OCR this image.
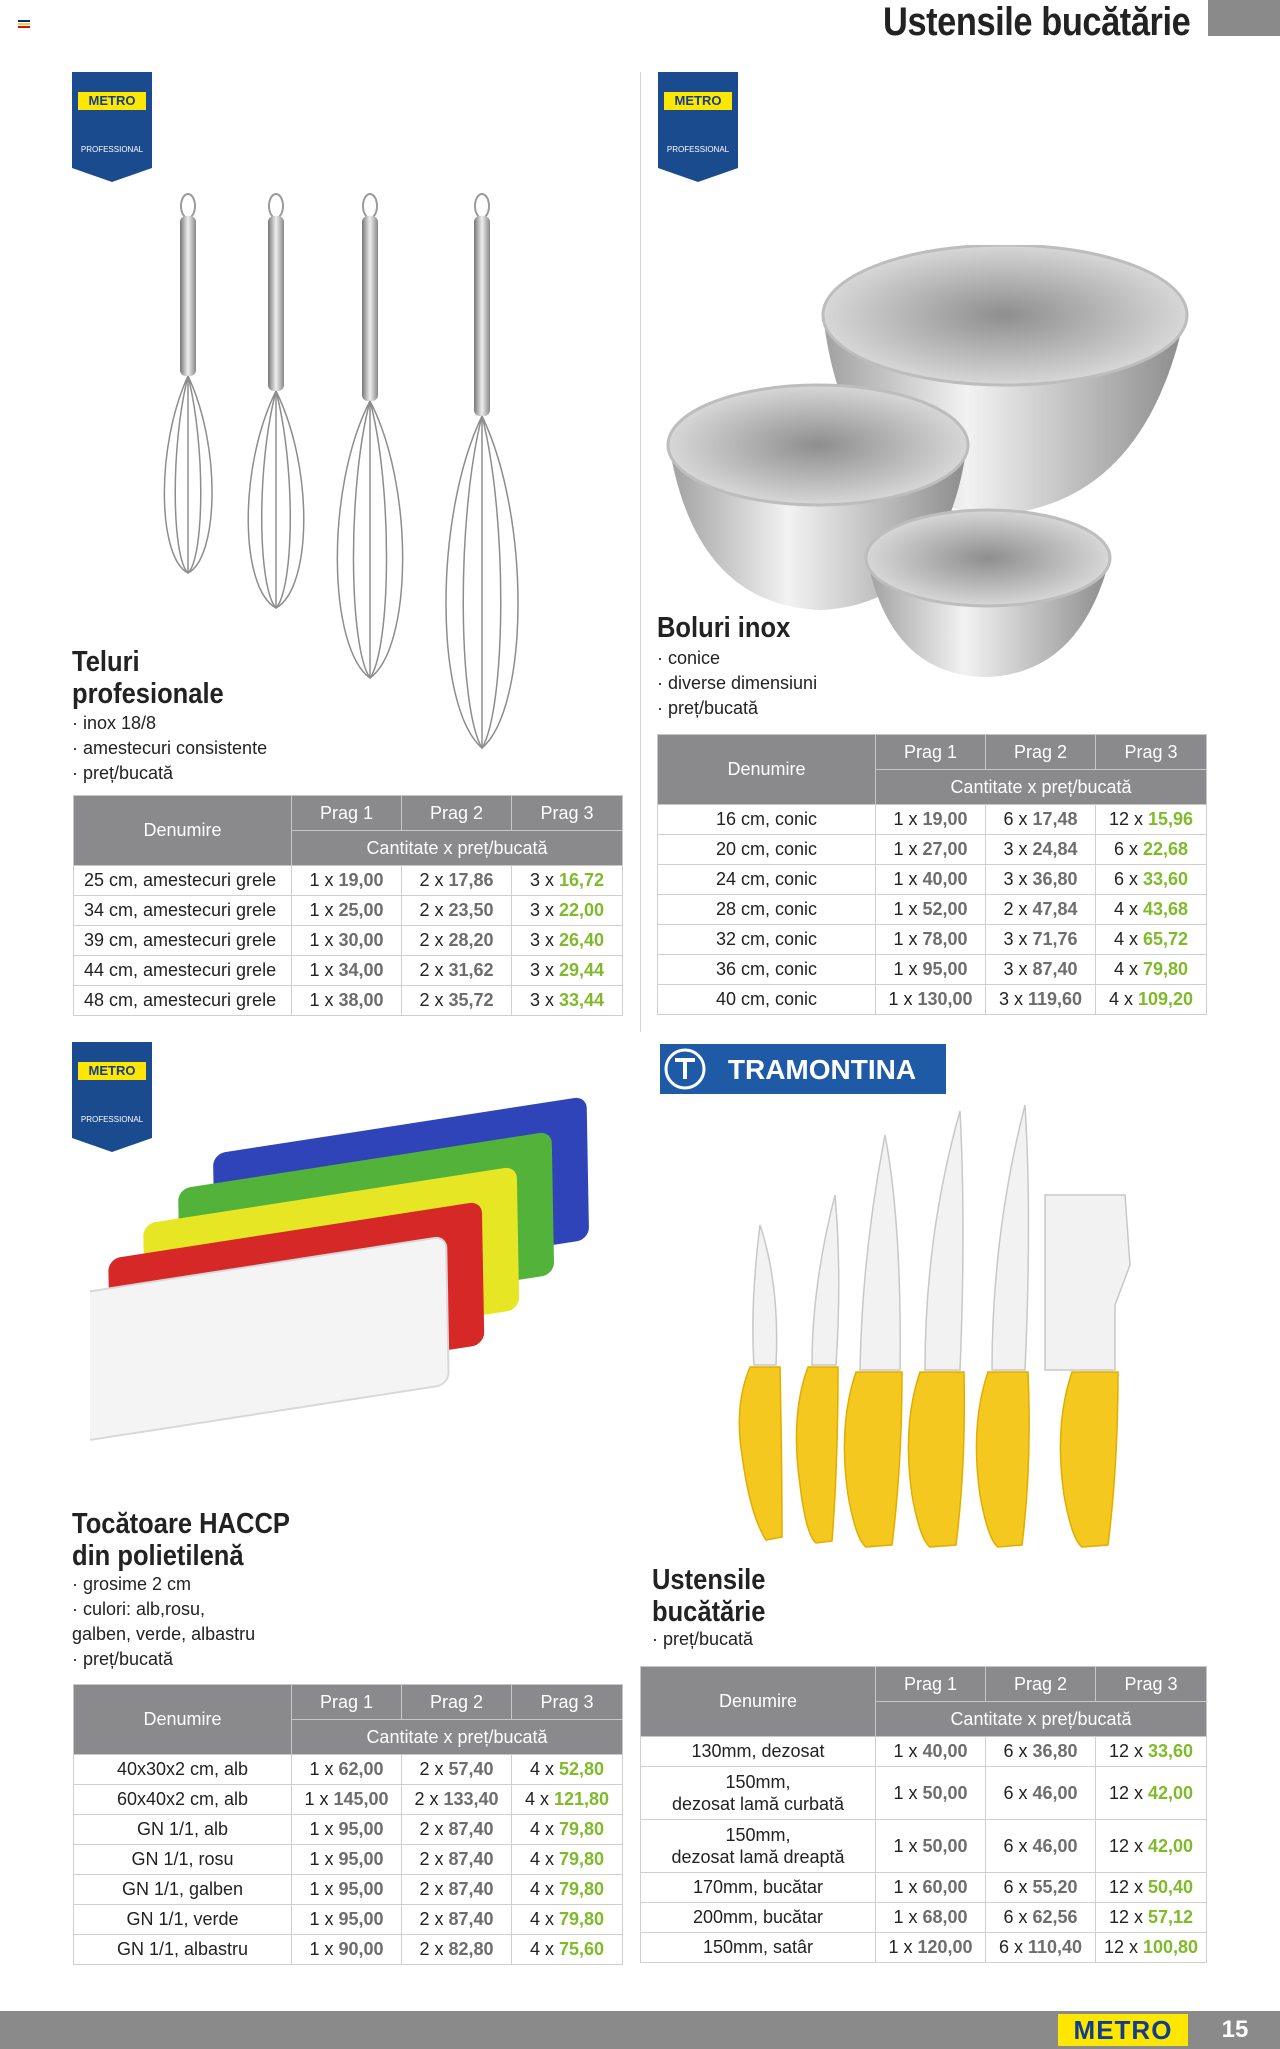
Ustensile bucătărie
METRO
PROFESSIONAL
METRO
PROFESSIONAL
METRO
PROFESSIONAL
TRAMONTINA
Teluri
profesionale
· inox 18/8
· amestecuri consistente
· preț/bucată
Boluri inox
· conice
· diverse dimensiuni
· preț/bucată
Tocătoare HACCP
din polietilenă
· grosime 2 cm
· culori: alb,rosu,
galben, verde, albastru
· preț/bucată
Ustensile
bucătărie
· preț/bucată
Denumire	Prag 1	Prag 2	Prag 3
	Cantitate x preț/bucată		
25 cm, amestecuri grele	1 x 19,00	2 x 17,86	3 x 16,72
34 cm, amestecuri grele	1 x 25,00	2 x 23,50	3 x 22,00
39 cm, amestecuri grele	1 x 30,00	2 x 28,20	3 x 26,40
44 cm, amestecuri grele	1 x 34,00	2 x 31,62	3 x 29,44
48 cm, amestecuri grele	1 x 38,00	2 x 35,72	3 x 33,44
Denumire	Prag 1	Prag 2	Prag 3
	Cantitate x preț/bucată		
16 cm, conic	1 x 19,00	6 x 17,48	12 x 15,96
20 cm, conic	1 x 27,00	3 x 24,84	6 x 22,68
24 cm, conic	1 x 40,00	3 x 36,80	6 x 33,60
28 cm, conic	1 x 52,00	2 x 47,84	4 x 43,68
32 cm, conic	1 x 78,00	3 x 71,76	4 x 65,72
36 cm, conic	1 x 95,00	3 x 87,40	4 x 79,80
40 cm, conic	1 x 130,00	3 x 119,60	4 x 109,20
Denumire	Prag 1	Prag 2	Prag 3
	Cantitate x preț/bucată		
40x30x2 cm, alb	1 x 62,00	2 x 57,40	4 x 52,80
60x40x2 cm, alb	1 x 145,00	2 x 133,40	4 x 121,80
GN 1/1, alb	1 x 95,00	2 x 87,40	4 x 79,80
GN 1/1, rosu	1 x 95,00	2 x 87,40	4 x 79,80
GN 1/1, galben	1 x 95,00	2 x 87,40	4 x 79,80
GN 1/1, verde	1 x 95,00	2 x 87,40	4 x 79,80
GN 1/1, albastru	1 x 90,00	2 x 82,80	4 x 75,60
Denumire	Prag 1	Prag 2	Prag 3
	Cantitate x preț/bucată		
130mm, dezosat	1 x 40,00	6 x 36,80	12 x 33,60
150mm,
dezosat lamă curbată	1 x 50,00	6 x 46,00	12 x 42,00
150mm,
dezosat lamă dreaptă	1 x 50,00	6 x 46,00	12 x 42,00
170mm, bucătar	1 x 60,00	6 x 55,20	12 x 50,40
200mm, bucătar	1 x 68,00	6 x 62,56	12 x 57,12
150mm, satâr	1 x 120,00	6 x 110,40	12 x 100,80
METRO	15
